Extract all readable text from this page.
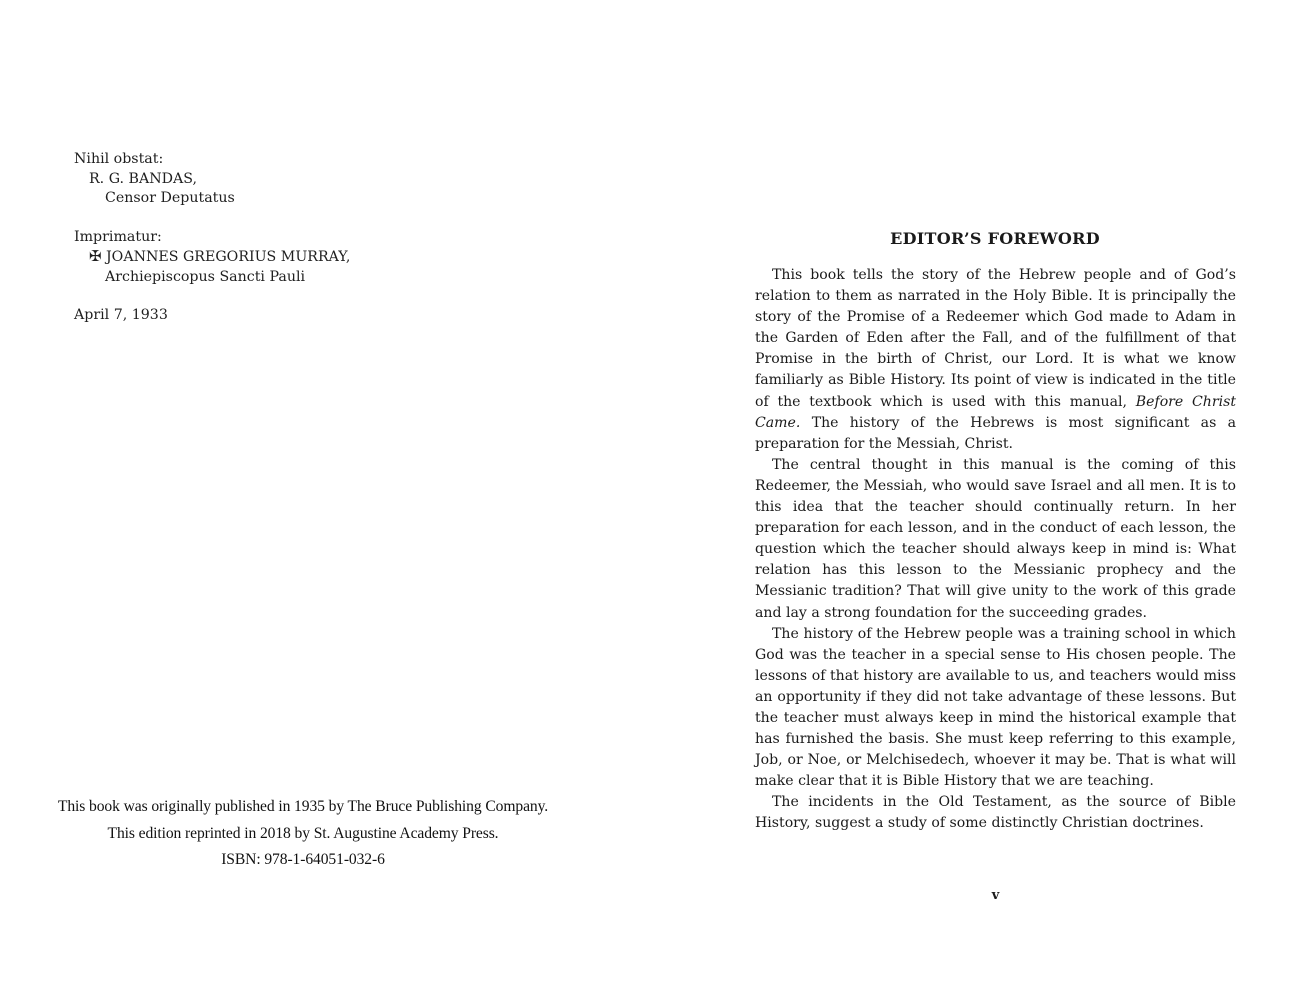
Nihil obstat:
R. G. BANDAS,
Censor Deputatus
Imprimatur:
✠ JOANNES GREGORIUS MURRAY,
Archiepiscopus Sancti Pauli
April 7, 1933
This book was originally published in 1935 by The Bruce Publishing Company.
This edition reprinted in 2018 by St. Augustine Academy Press.
ISBN: 978-1-64051-032-6
EDITOR’S FOREWORD

This book tells the story of the Hebrew people and of God’s relation to them as narrated in the Holy Bible. It is principally the story of the Promise of a Redeemer which God made to Adam in the Garden of Eden after the Fall, and of the fulfillment of that Promise in the birth of Christ, our Lord. It is what we know familiarly as Bible History. Its point of view is indicated in the title of the textbook which is used with this manual, Before Christ Came. The history of the Hebrews is most significant as a preparation for the Messiah, Christ.

The central thought in this manual is the coming of this Redeemer, the Messiah, who would save Israel and all men. It is to this idea that the teacher should continually return. In her preparation for each lesson, and in the conduct of each lesson, the question which the teacher should always keep in mind is: What relation has this lesson to the Messianic prophecy and the Messianic tradition? That will give unity to the work of this grade and lay a strong foundation for the succeeding grades.

The history of the Hebrew people was a training school in which God was the teacher in a special sense to His chosen people. The lessons of that history are available to us, and teachers would miss an opportunity if they did not take advantage of these lessons. But the teacher must always keep in mind the historical example that has furnished the basis. She must keep referring to this example, Job, or Noe, or Melchisedech, whoever it may be. That is what will make clear that it is Bible History that we are teaching.

The incidents in the Old Testament, as the source of Bible History, suggest a study of some distinctly Christian doctrines.

v
